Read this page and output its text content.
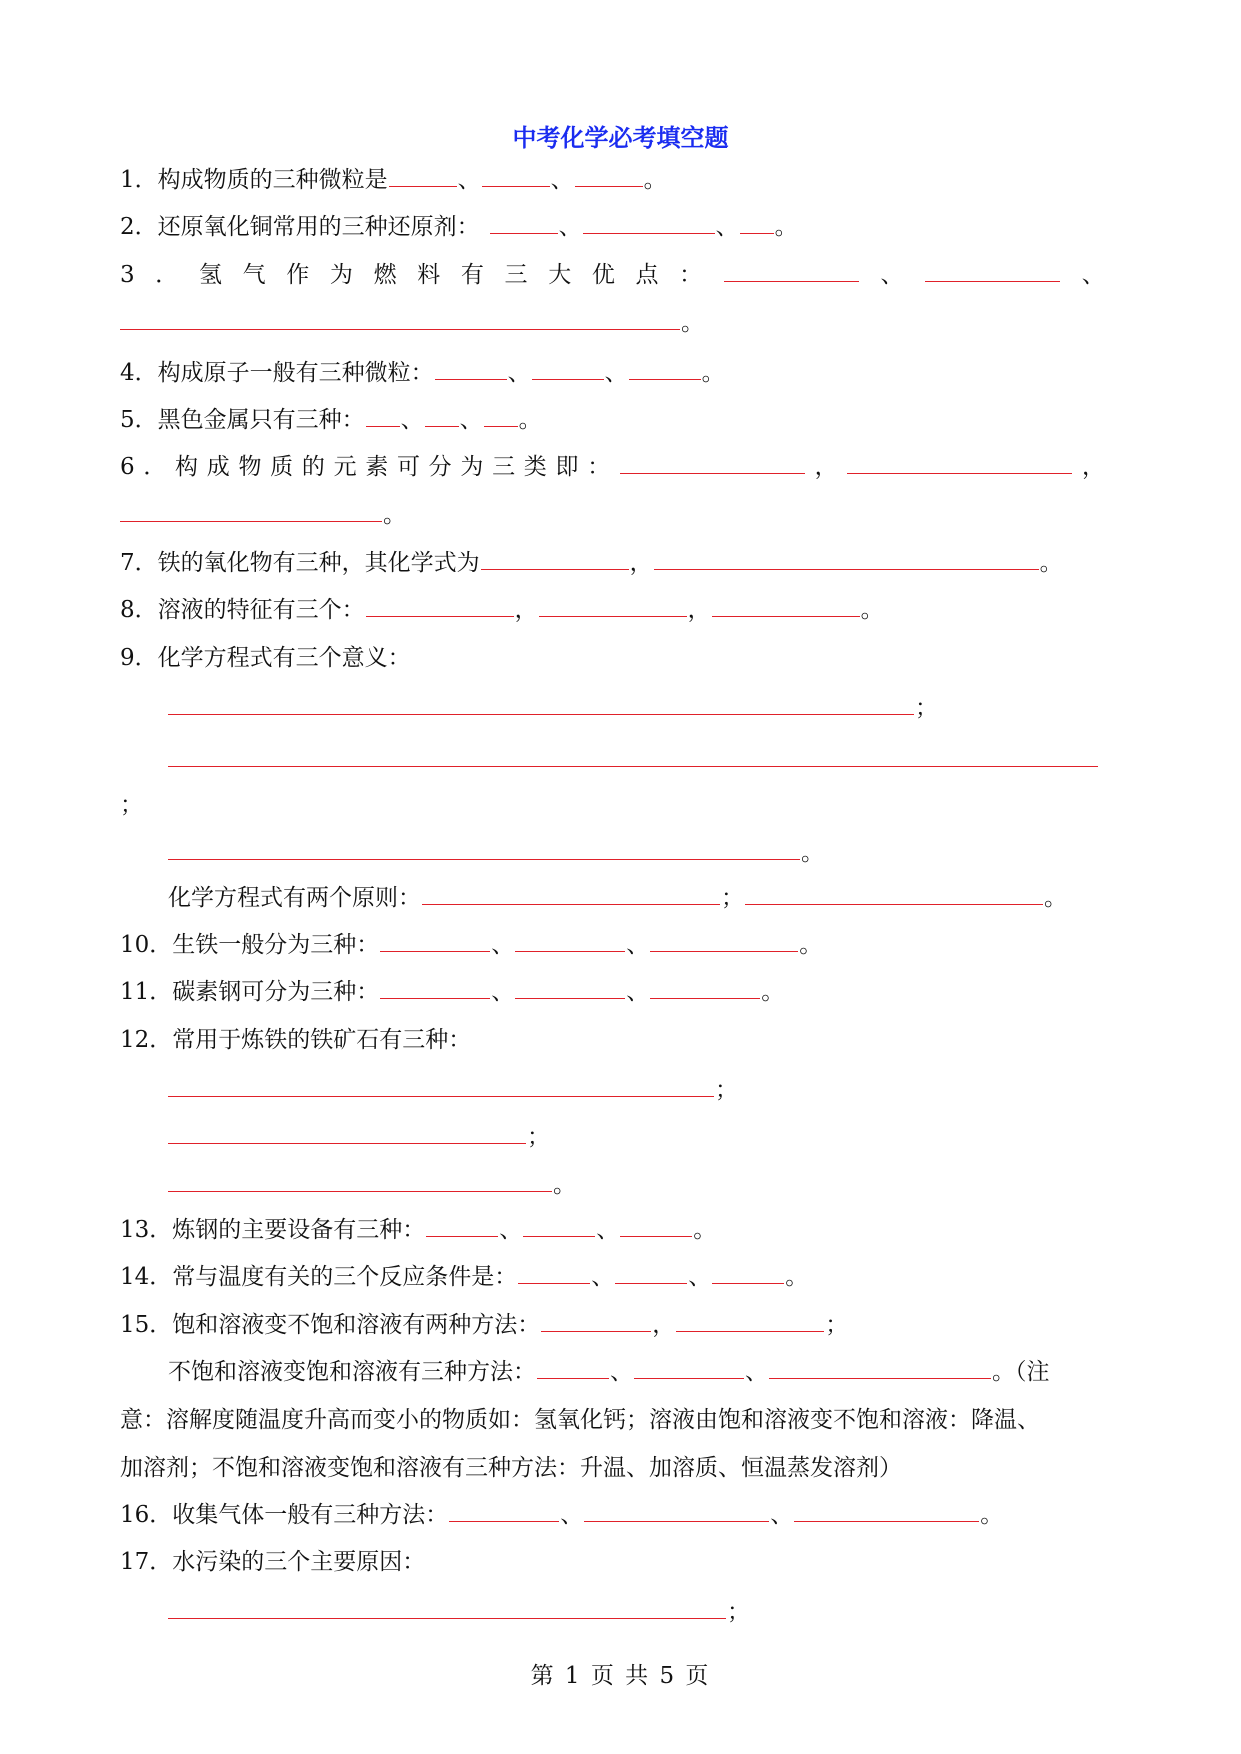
中考化学必考填空题
1．构成物质的三种微粒是	、	、	。
2．还原氧化铜常用的三种还原剂：	、	、 。
3 ． 氢 气 作 为 燃 料 有 三 大 优 点 ：	、	、
。
4．构成原子一般有三种微粒：	、	、	。
5．黑色金属只有三种： 、 、 。
6 ． 构 成 物 质 的 元 素 可 分 为 三 类 即 ：	，	，
。
7．铁的氧化物有三种，其化学式为	，	。
8．溶液的特征有三个：	，	，	。
9．化学方程式有三个意义：
；
；
。
化学方程式有两个原则：	；	。
10．生铁一般分为三种：	、	、	。
11．碳素钢可分为三种：	、	、	。
12．常用于炼铁的铁矿石有三种：
；
；
。
13．炼钢的主要设备有三种：	、	、	。
14．常与温度有关的三个反应条件是：	、	、	。
15．饱和溶液变不饱和溶液有两种方法：	，	；
不饱和溶液变饱和溶液有三种方法：	、	、	。（注
意：溶解度随温度升高而变小的物质如：氢氧化钙；溶液由饱和溶液变不饱和溶液：降温、
加溶剂；不饱和溶液变饱和溶液有三种方法：升温、加溶质、恒温蒸发溶剂）
16．收集气体一般有三种方法：	、	、	。
17．水污染的三个主要原因：
；
第 1 页 共 5 页
